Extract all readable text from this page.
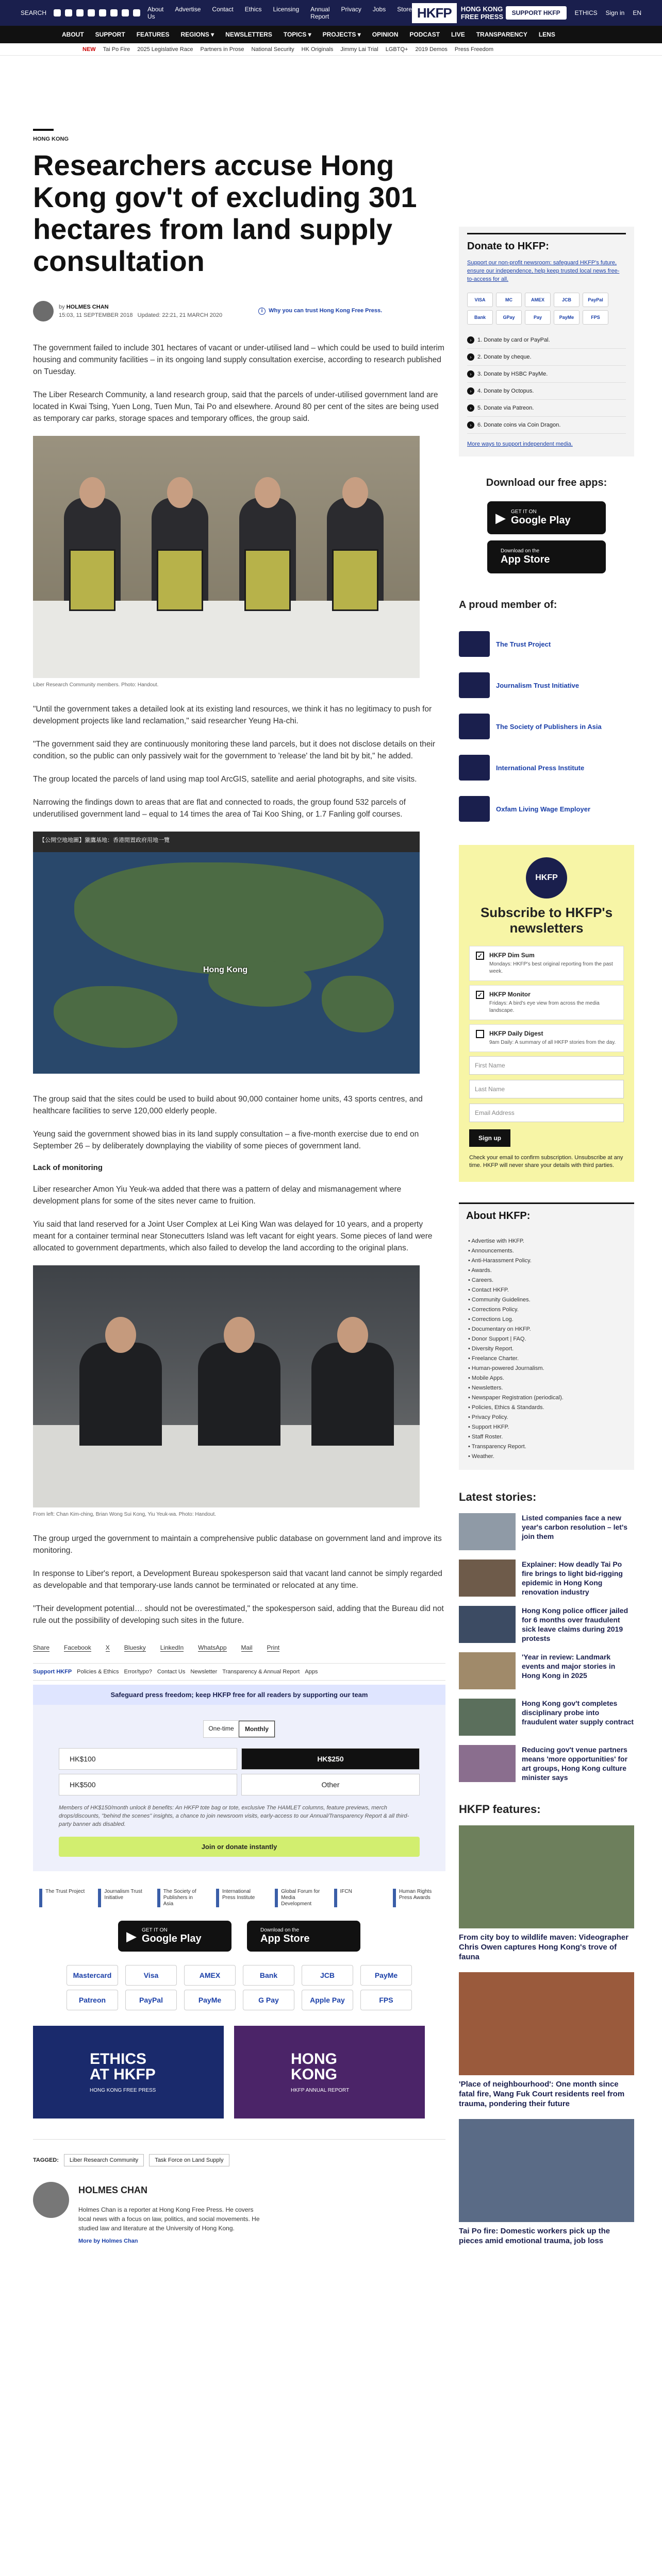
SEARCH	About Us
Advertise Contact Ethics Licensing Annual Report
Privacy Jobs Store HKFP	HONG KONG
FREE PRESS	SUPPORT HKFP	ETHICS Sign in EN
ABOUT SUPPORT FEATURES REGIONS ▾ NEWSLETTERS TOPICS ▾ PROJECTS ▾ OPINION PODCAST LIVE TRANSPARENCY LENS
NEW Tai Po Fire 2025 Legislative Race Partners in Prose National Security HK Originals Jimmy Lai Trial LGBTQ+ 2019 Demos Press Freedom
HONG KONG
Researchers accuse Hong Kong gov't of excluding 301 hectares from land supply consultation
by HOLMES CHAN
15:03, 11 SEPTEMBER 2018 Updated: 22:21, 21 MARCH 2020
i Why you can trust Hong Kong Free Press.

The government failed to include 301 hectares of vacant or under-utilised land – which could be used to build interim housing and community facilities – in its ongoing land supply consultation exercise, according to research published on Tuesday.

The Liber Research Community, a land research group, said that the parcels of under-utilised government land are located in Kwai Tsing, Yuen Long, Tuen Mun, Tai Po and elsewhere. Around 80 per cent of the sites are being used as temporary car parks, storage spaces and temporary offices, the group said.

Liber Research Community members. Photo: Handout.

"Until the government takes a detailed look at its existing land resources, we think it has no legitimacy to push for development projects like land reclamation," said researcher Yeung Ha-chi.

"The government said they are continuously monitoring these land parcels, but it does not disclose details on their condition, so the public can only passively wait for the government to 'release' the land bit by bit," he added.

The group located the parcels of land using map tool ArcGIS, satellite and aerial photographs, and site visits.

Narrowing the findings down to areas that are flat and connected to roads, the group found 532 parcels of underutilised government land – equal to 14 times the area of Tai Koo Shing, or 1.7 Fanling golf courses.

【公開空地地圖】獵鷹基地：香港閒置政府用地一覽
Hong Kong

The group said that the sites could be used to build about 90,000 container home units, 43 sports centres, and healthcare facilities to serve 120,000 elderly people.

Yeung said the government showed bias in its land supply consultation – a five-month exercise due to end on September 26 – by deliberately downplaying the viability of some pieces of government land.

Lack of monitoring

Liber researcher Amon Yiu Yeuk-wa added that there was a pattern of delay and mismanagement where development plans for some of the sites never came to fruition.

Yiu said that land reserved for a Joint User Complex at Lei King Wan was delayed for 10 years, and a property meant for a container terminal near Stonecutters Island was left vacant for eight years. Some pieces of land were allocated to government departments, which also failed to develop the land according to the original plans.

From left: Chan Kim-ching, Brian Wong Sui Kong, Yiu Yeuk-wa. Photo: Handout.

The group urged the government to maintain a comprehensive public database on government land and improve its monitoring.

In response to Liber's report, a Development Bureau spokesperson said that vacant land cannot be simply regarded as developable and that temporary-use lands cannot be terminated or relocated at any time.

"Their development potential… should not be overestimated," the spokesperson said, adding that the Bureau did not rule out the possibility of developing such sites in the future.

Share Facebook X Bluesky LinkedIn WhatsApp Mail Print
Support HKFP Policies & Ethics Error/typo? Contact Us Newsletter Transparency & Annual Report Apps
Safeguard press freedom; keep HKFP free for all readers by supporting our team
One-time	Monthly
HK$100	HK$250
HK$500	Other
Members of HK$150/month unlock 8 benefits: An HKFP tote bag or tote, exclusive The HAMLET columns, feature previews, merch drops/discounts, "behind the scenes" insights, a chance to join newsroom visits, early-access to our Annual/Transparency Report & all third-party banner ads disabled.
Join or donate instantly
The Trust Project	Journalism Trust Initiative
The Society of Publishers in Asia
International Press Institute
Global Forum for Media Development
IFCN	Human Rights Press Awards
▶ GET IT ON
Google Play
Download on the
App Store
Mastercard	Visa	AMEX	Bank	JCB	PayMe
Patreon	PayPal	PayMe	G Pay	Apple Pay	FPS
ETHICS
AT HKFP
HONG KONG FREE PRESS
HONG
KONG
HKFP ANNUAL REPORT
TAGGED:	Liber Research Community	Task Force on Land Supply
HOLMES CHAN
Holmes Chan is a reporter at Hong Kong Free Press. He covers local news with a focus on law, politics, and social movements. He studied law and literature at the University of Hong Kong.
More by Holmes Chan
Donate to HKFP:
Support our non-profit newsroom: safeguard HKFP's future, ensure our independence, help keep trusted local news free-to-access for all.
VISA	MC	AMEX	JCB	PayPal
Bank	GPay	Pay	PayMe	FPS
› 1. Donate by card or PayPal.
› 2. Donate by cheque.
› 3. Donate by HSBC PayMe.
› 4. Donate by Octopus.
› 5. Donate via Patreon.
› 6. Donate coins via Coin Dragon.
More ways to support independent media.
Download our free apps:
▶ GET IT ON
Google Play
Download on the
App Store
A proud member of:
The Trust Project
Journalism Trust Initiative
The Society of Publishers in Asia
International Press Institute
Oxfam Living Wage Employer
HKFP
Subscribe to HKFP's newsletters
✓ HKFP Dim Sum
Mondays: HKFP's best original reporting from the past week.
✓ HKFP Monitor
Fridays: A bird's eye view from across the media landscape.
HKFP Daily Digest
9am Daily: A summary of all HKFP stories from the day.
First Name
Last Name
Email Address
Sign up
Check your email to confirm subscription. Unsubscribe at any time. HKFP will never share your details with third parties.
About HKFP:
• Advertise with HKFP.
• Announcements.
• Anti-Harassment Policy.
• Awards.
• Careers.
• Contact HKFP.
• Community Guidelines.
• Corrections Policy.
• Corrections Log.
• Documentary on HKFP.
• Donor Support | FAQ.
• Diversity Report.
• Freelance Charter.
• Human-powered Journalism.
• Mobile Apps.
• Newsletters.
• Newspaper Registration (periodical).
• Policies, Ethics & Standards.
• Privacy Policy.
• Support HKFP.
• Staff Roster.
• Transparency Report.
• Weather.
Latest stories:
Listed companies face a new year's carbon resolution – let's join them
Explainer: How deadly Tai Po fire brings to light bid-rigging epidemic in Hong Kong renovation industry
Hong Kong police officer jailed for 6 months over fraudulent sick leave claims during 2019 protests
'Year in review: Landmark events and major stories in Hong Kong in 2025
Hong Kong gov't completes disciplinary probe into fraudulent water supply contract
Reducing gov't venue partners means 'more opportunities' for art groups, Hong Kong culture minister says
HKFP features:
From city boy to wildlife maven: Videographer Chris Owen captures Hong Kong's trove of fauna
'Place of neighbourhood': One month since fatal fire, Wang Fuk Court residents reel from trauma, pondering their future
Tai Po fire: Domestic workers pick up the pieces amid emotional trauma, job loss
